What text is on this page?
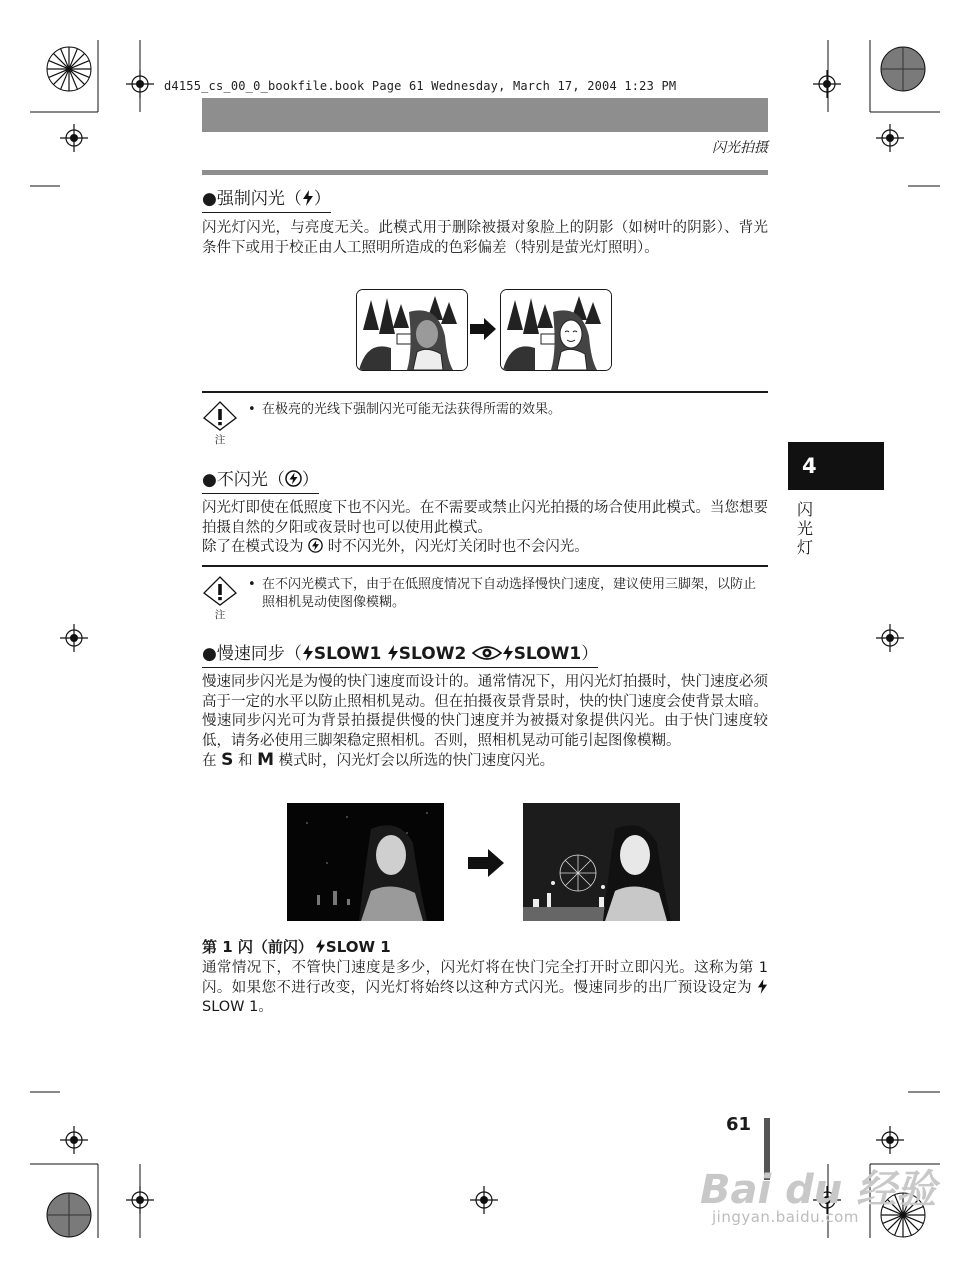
d4155_cs_00_0_bookfile.book Page 61 Wednesday, March 17, 2004 1:23 PM
闪光拍摄
●强制闪光（ ）

闪光灯闪光，与亮度无关。此模式用于删除被摄对象脸上的阴影（如树叶的阴影）、背光条件下或用于校正由人工照明所造成的色彩偏差（特别是萤光灯照明）。

注
• 在极亮的光线下强制闪光可能无法获得所需的效果。
●不闪光（ ）

闪光灯即使在低照度下也不闪光。在不需要或禁止闪光拍摄的场合使用此模式。当您想要拍摄自然的夕阳或夜景时也可以使用此模式。

除了在模式设为  时不闪光外，闪光灯关闭时也不会闪光。

注
• 在不闪光模式下，由于在低照度情况下自动选择慢快门速度，建议使用三脚架，以防止照相机晃动使图像模糊。
●慢速同步（ SLOW1 SLOW2	SLOW1）

慢速同步闪光是为慢的快门速度而设计的。通常情况下，用闪光灯拍摄时，快门速度必须高于一定的水平以防止照相机晃动。但在拍摄夜景背景时，快的快门速度会使背景太暗。慢速同步闪光可为背景拍摄提供慢的快门速度并为被摄对象提供闪光。由于快门速度较低，请务必使用三脚架稳定照相机。否则，照相机晃动可能引起图像模糊。

在 S 和 M 模式时，闪光灯会以所选的快门速度闪光。

第 1 闪（前闪） SLOW 1

通常情况下，不管快门速度是多少，闪光灯将在快门完全打开时立即闪光。这称为第 1 闪。如果您不进行改变，闪光灯将始终以这种方式闪光。慢速同步的出厂预设设定为 SLOW 1。

4
闪光灯
61
Bai du 经验
jingyan.baidu.com
